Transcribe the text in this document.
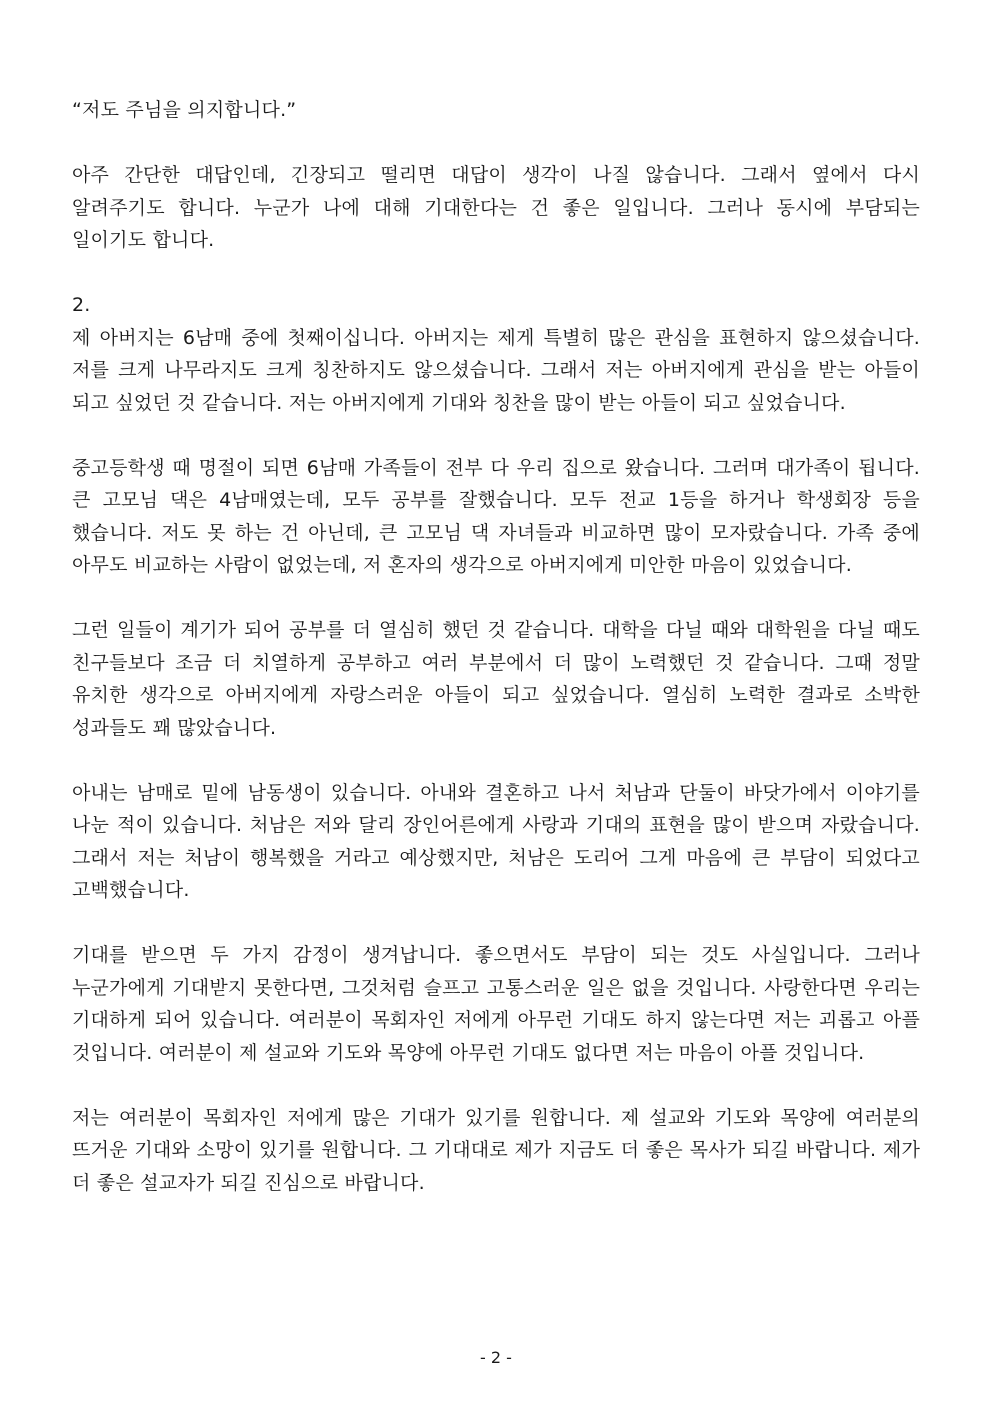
“저도 주님을 의지합니다.”

아주 간단한 대답인데, 긴장되고 떨리면 대답이 생각이 나질 않습니다. 그래서 옆에서 다시 알려주기도 합니다. 누군가 나에 대해 기대한다는 건 좋은 일입니다. 그러나 동시에 부담되는 일이기도 합니다.

2.

제 아버지는 6남매 중에 첫째이십니다. 아버지는 제게 특별히 많은 관심을 표현하지 않으셨습니다. 저를 크게 나무라지도 크게 칭찬하지도 않으셨습니다. 그래서 저는 아버지에게 관심을 받는 아들이 되고 싶었던 것 같습니다. 저는 아버지에게 기대와 칭찬을 많이 받는 아들이 되고 싶었습니다.

중고등학생 때 명절이 되면 6남매 가족들이 전부 다 우리 집으로 왔습니다. 그러며 대가족이 됩니다. 큰 고모님 댁은 4남매였는데, 모두 공부를 잘했습니다. 모두 전교 1등을 하거나 학생회장 등을 했습니다. 저도 못 하는 건 아닌데, 큰 고모님 댁 자녀들과 비교하면 많이 모자랐습니다. 가족 중에 아무도 비교하는 사람이 없었는데, 저 혼자의 생각으로 아버지에게 미안한 마음이 있었습니다.

그런 일들이 계기가 되어 공부를 더 열심히 했던 것 같습니다. 대학을 다닐 때와 대학원을 다닐 때도 친구들보다 조금 더 치열하게 공부하고 여러 부분에서 더 많이 노력했던 것 같습니다. 그때 정말 유치한 생각으로 아버지에게 자랑스러운 아들이 되고 싶었습니다. 열심히 노력한 결과로 소박한 성과들도 꽤 많았습니다.

아내는 남매로 밑에 남동생이 있습니다. 아내와 결혼하고 나서 처남과 단둘이 바닷가에서 이야기를 나눈 적이 있습니다. 처남은 저와 달리 장인어른에게 사랑과 기대의 표현을 많이 받으며 자랐습니다. 그래서 저는 처남이 행복했을 거라고 예상했지만, 처남은 도리어 그게 마음에 큰 부담이 되었다고 고백했습니다.

기대를 받으면 두 가지 감정이 생겨납니다. 좋으면서도 부담이 되는 것도 사실입니다. 그러나 누군가에게 기대받지 못한다면, 그것처럼 슬프고 고통스러운 일은 없을 것입니다. 사랑한다면 우리는 기대하게 되어 있습니다. 여러분이 목회자인 저에게 아무런 기대도 하지 않는다면 저는 괴롭고 아플 것입니다. 여러분이 제 설교와 기도와 목양에 아무런 기대도 없다면 저는 마음이 아플 것입니다.

저는 여러분이 목회자인 저에게 많은 기대가 있기를 원합니다. 제 설교와 기도와 목양에 여러분의 뜨거운 기대와 소망이 있기를 원합니다. 그 기대대로 제가 지금도 더 좋은 목사가 되길 바랍니다. 제가 더 좋은 설교자가 되길 진심으로 바랍니다.

- 2 -
